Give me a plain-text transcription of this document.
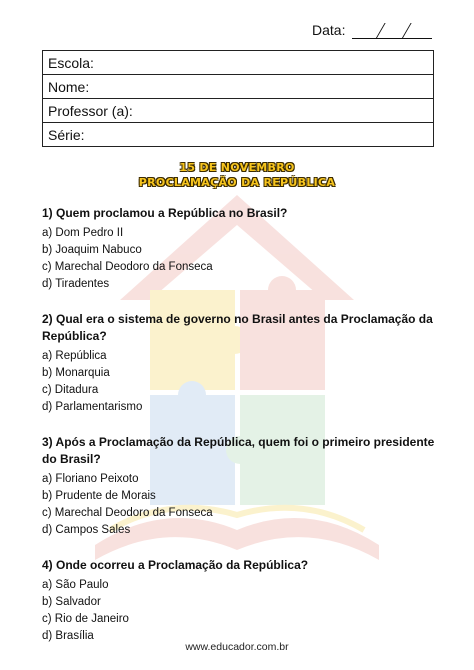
Data:
Escola:
Nome:
Professor (a):
Série:
15 DE NOVEMBRO
PROCLAMAÇÃO DA REPÚBLICA
1) Quem proclamou a República no Brasil?
a) Dom Pedro II
b) Joaquim Nabuco
c) Marechal Deodoro da Fonseca
d) Tiradentes
2) Qual era o sistema de governo no Brasil antes da Proclamação da República?
a) República
b) Monarquia
c) Ditadura
d) Parlamentarismo
3) Após a Proclamação da República, quem foi o primeiro presidente do Brasil?
a) Floriano Peixoto
b) Prudente de Morais
c) Marechal Deodoro da Fonseca
d) Campos Sales
4) Onde ocorreu a Proclamação da República?
a) São Paulo
b) Salvador
c) Rio de Janeiro
d) Brasília
www.educador.com.br
